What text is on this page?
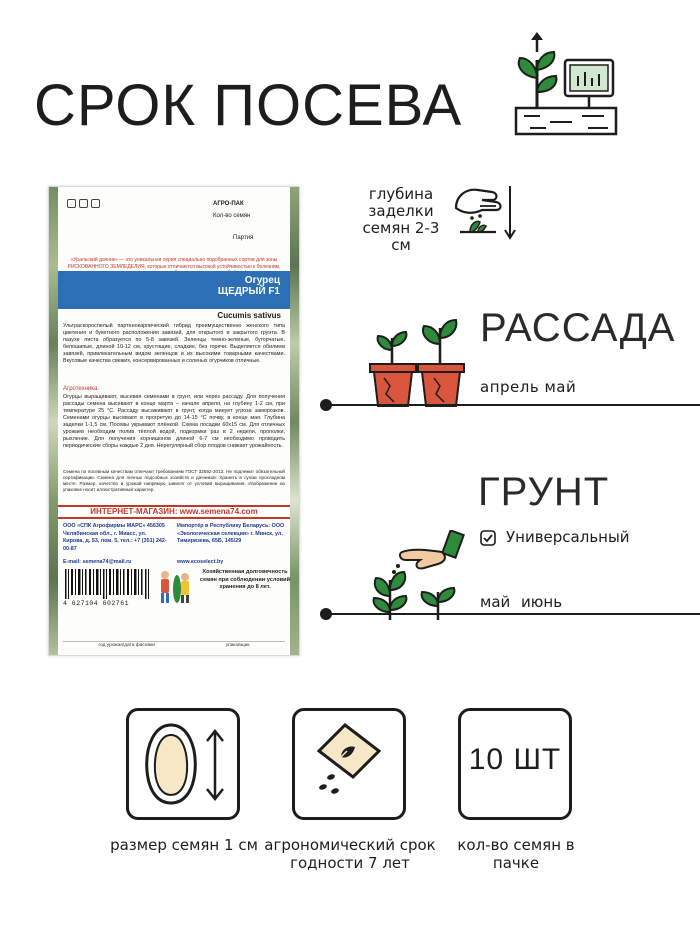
СРОК ПОСЕВА
АГРО-ПАК
Кол-во семян
Партия
«Уральский дачник» — это уникальная серия специально подобранных сортов для зоны РИСКОВАННОГО ЗЕМЛЕДЕЛИЯ, которые отличаются высокой устойчивостью к болезням,
Огурец
ЩЕДРЫЙ F1
Cucumis sativus
Ультраскороспелый партенокарпический гибрид преимущественно женского типа цветения и букетного расположения завязей, для открытого и закрытого грунта. В пазухе листа образуется по 5-8 завязей. Зеленцы темно-зеленые, бугорчатые, белошипые, длиной 10-12 см, хрустящие, сладкие, без горечи. Выделяется обилием завязей, привлекательным видом зеленцов и их высокими товарными качествами. Вкусовые качества свежих, консервированных и соленых огурчиков отличные.
Агротехника.
Огурцы выращивают, высевая семенами в грунт, или через рассаду. Для получения рассады семена высевают в конце марта – начале апреля, на глубину 1-2 см, при температуре 25 °С. Рассаду высаживают в грунт, когда минует угроза заморозков. Семенами огурцы высевают в прогретую до 14-15 °С почву, в конце мая. Глубина заделки 1-1,5 см. Посевы укрывают плёнкой. Схема посадки 60х15 см. Для отличных урожаев необходим полив тёплой водой, подкормки раз в 2 недели, прополки, рыхление. Для получения корнишонов длиной 6-7 см необходимо проводить периодические сборы каждые 2 дня. Нерегулярный сбор плодов снижает урожайность.
Семена по посевным качествам отвечают требованиям ГОСТ 32592-2013. Не подлежит обязательной сертификации. Семена для личных подсобных хозяйств и дачников. Хранить в сухом прохладном месте. Размер, качество и урожай напрямую зависят от условий выращивания. Изображение на упаковке носит иллюстративный характер.
ИНТЕРНЕТ-МАГАЗИН: www.semena74.com
ООО «СПК Агрофирмы МАРС» 456305 Челябинская обл., г. Миасс, ул. Кирова, д. 53, пом. 5, тел.: +7 (351) 242-00-87
Импортёр в Республику Беларусь: ООО «Экологическая селекция» г. Минск, ул. Тимирязева, 65Б, 145/29
E-mail: semena74@mail.ru	www.ecoselect.by
4 627104 602761
Хозяйственная долговечность семян при соблюдении условий хранения до 8 лет.
год урожая/дата фасовки	упаковщик
глубина заделки семян 2-3 см
РАССАДА
апрель май
ГРУНТ
Универсальный
май июнь
10 ШТ
размер семян 1 см агрономический срок годности 7 лет
кол-во семян в пачке
